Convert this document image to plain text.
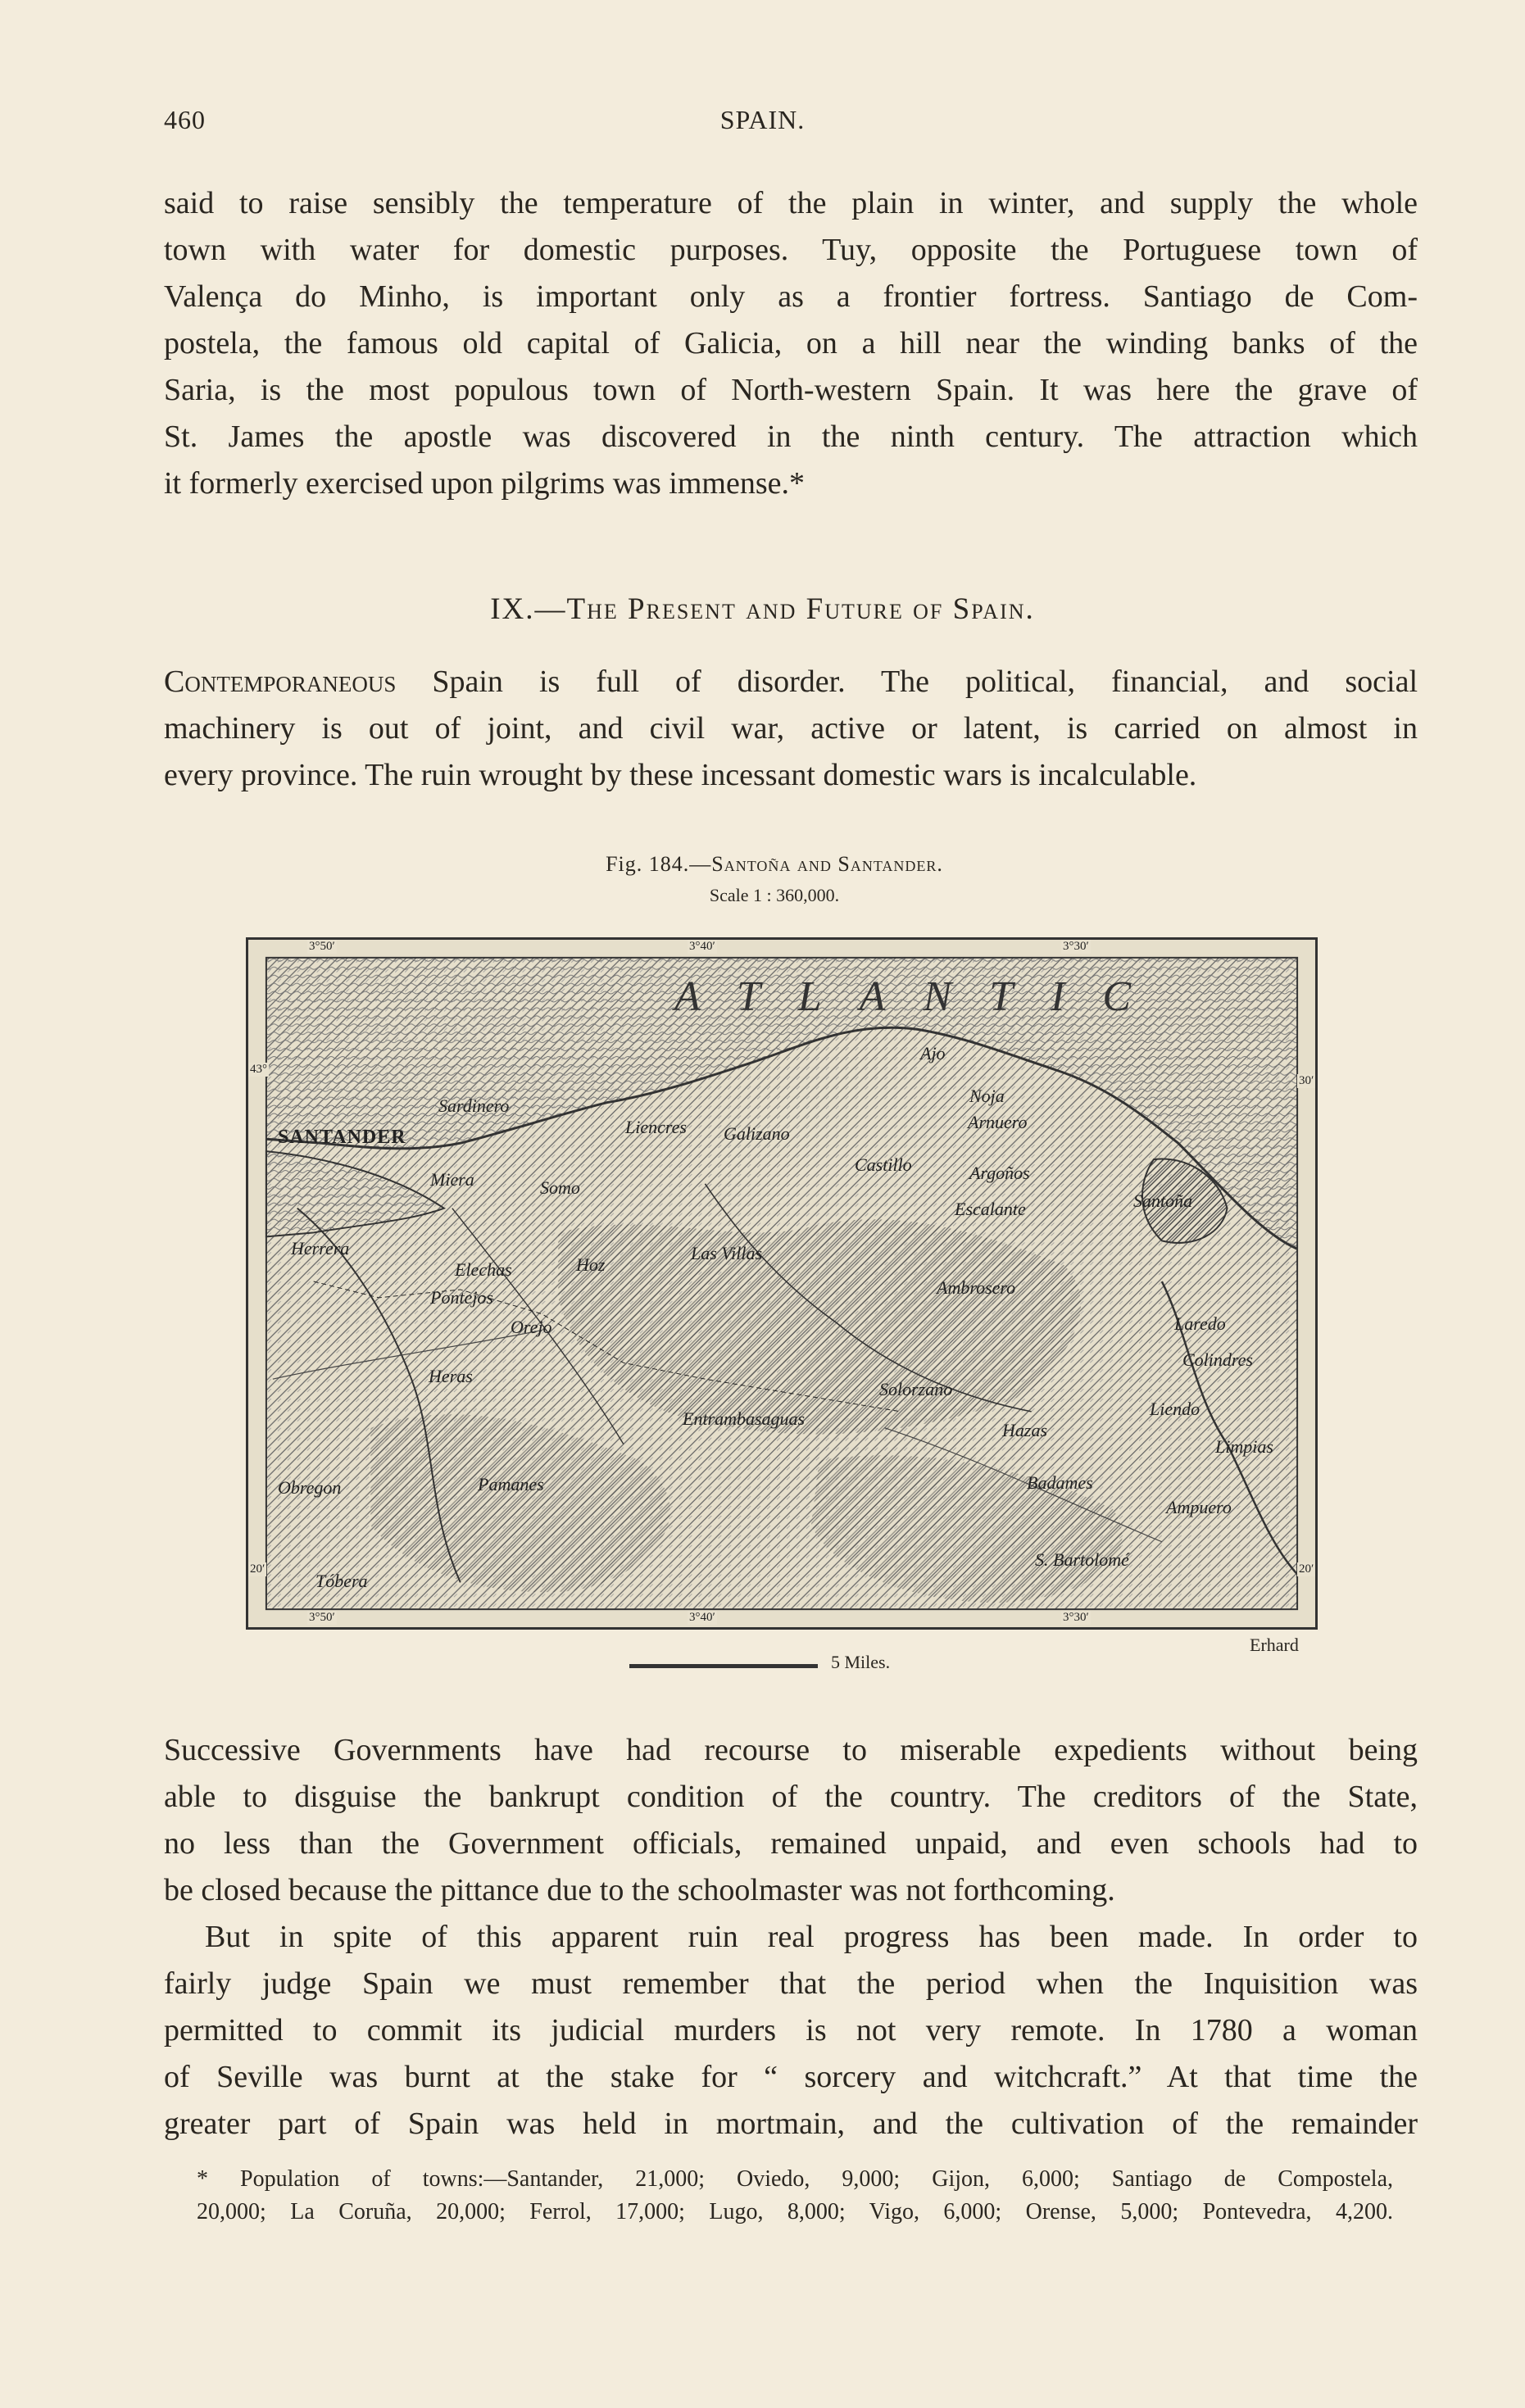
460	SPAIN.
said to raise sensibly the temperature of the plain in winter, and supply the whole
town with water for domestic purposes. Tuy, opposite the Portuguese town of
Valença do Minho, is important only as a frontier fortress. Santiago de Com-
postela, the famous old capital of Galicia, on a hill near the winding banks of the
Saria, is the most populous town of North-western Spain. It was here the grave of
St. James the apostle was discovered in the ninth century. The attraction which
it formerly exercised upon pilgrims was immense.*
IX.—The Present and Future of Spain.
Contemporaneous Spain is full of disorder. The political, financial, and social
machinery is out of joint, and civil war, active or latent, is carried on almost in
every province. The ruin wrought by these incessant domestic wars is incalculable.
Fig. 184.—Santoña and Santander.
Scale 1 : 360,000.
3°50′	3°40′	3°30′
3°50′	3°40′	3°30′
43°
20′
30′
20′
ATLANTIC
SANTANDER
Sardinero
Liencres Galizano
Ajo
Noja
Arnuero
Castillo	Argoños
Escalante	Santoña
Miera	Somo
Herrera
Elechas
Pontejos
Orejo
Las Villas
Hoz
Ambrosero
Laredo
Colindres
Heras
Entrambasaguas
Solorzano
Hazas
Liendo
Limpias
Obregon	Pamanes	Badames
Ampuero
S. Bartolomé
Tóbera
5 Miles.
Erhard
Successive Governments have had recourse to miserable expedients without being
able to disguise the bankrupt condition of the country. The creditors of the State,
no less than the Government officials, remained unpaid, and even schools had to
be closed because the pittance due to the schoolmaster was not forthcoming.
But in spite of this apparent ruin real progress has been made. In order to
fairly judge Spain we must remember that the period when the Inquisition was
permitted to commit its judicial murders is not very remote. In 1780 a woman
of Seville was burnt at the stake for “ sorcery and witchcraft.” At that time the
greater part of Spain was held in mortmain, and the cultivation of the remainder
* Population of towns:—Santander, 21,000; Oviedo, 9,000; Gijon, 6,000; Santiago de Compostela,
20,000; La Coruña, 20,000; Ferrol, 17,000; Lugo, 8,000; Vigo, 6,000; Orense, 5,000; Pontevedra, 4,200.
